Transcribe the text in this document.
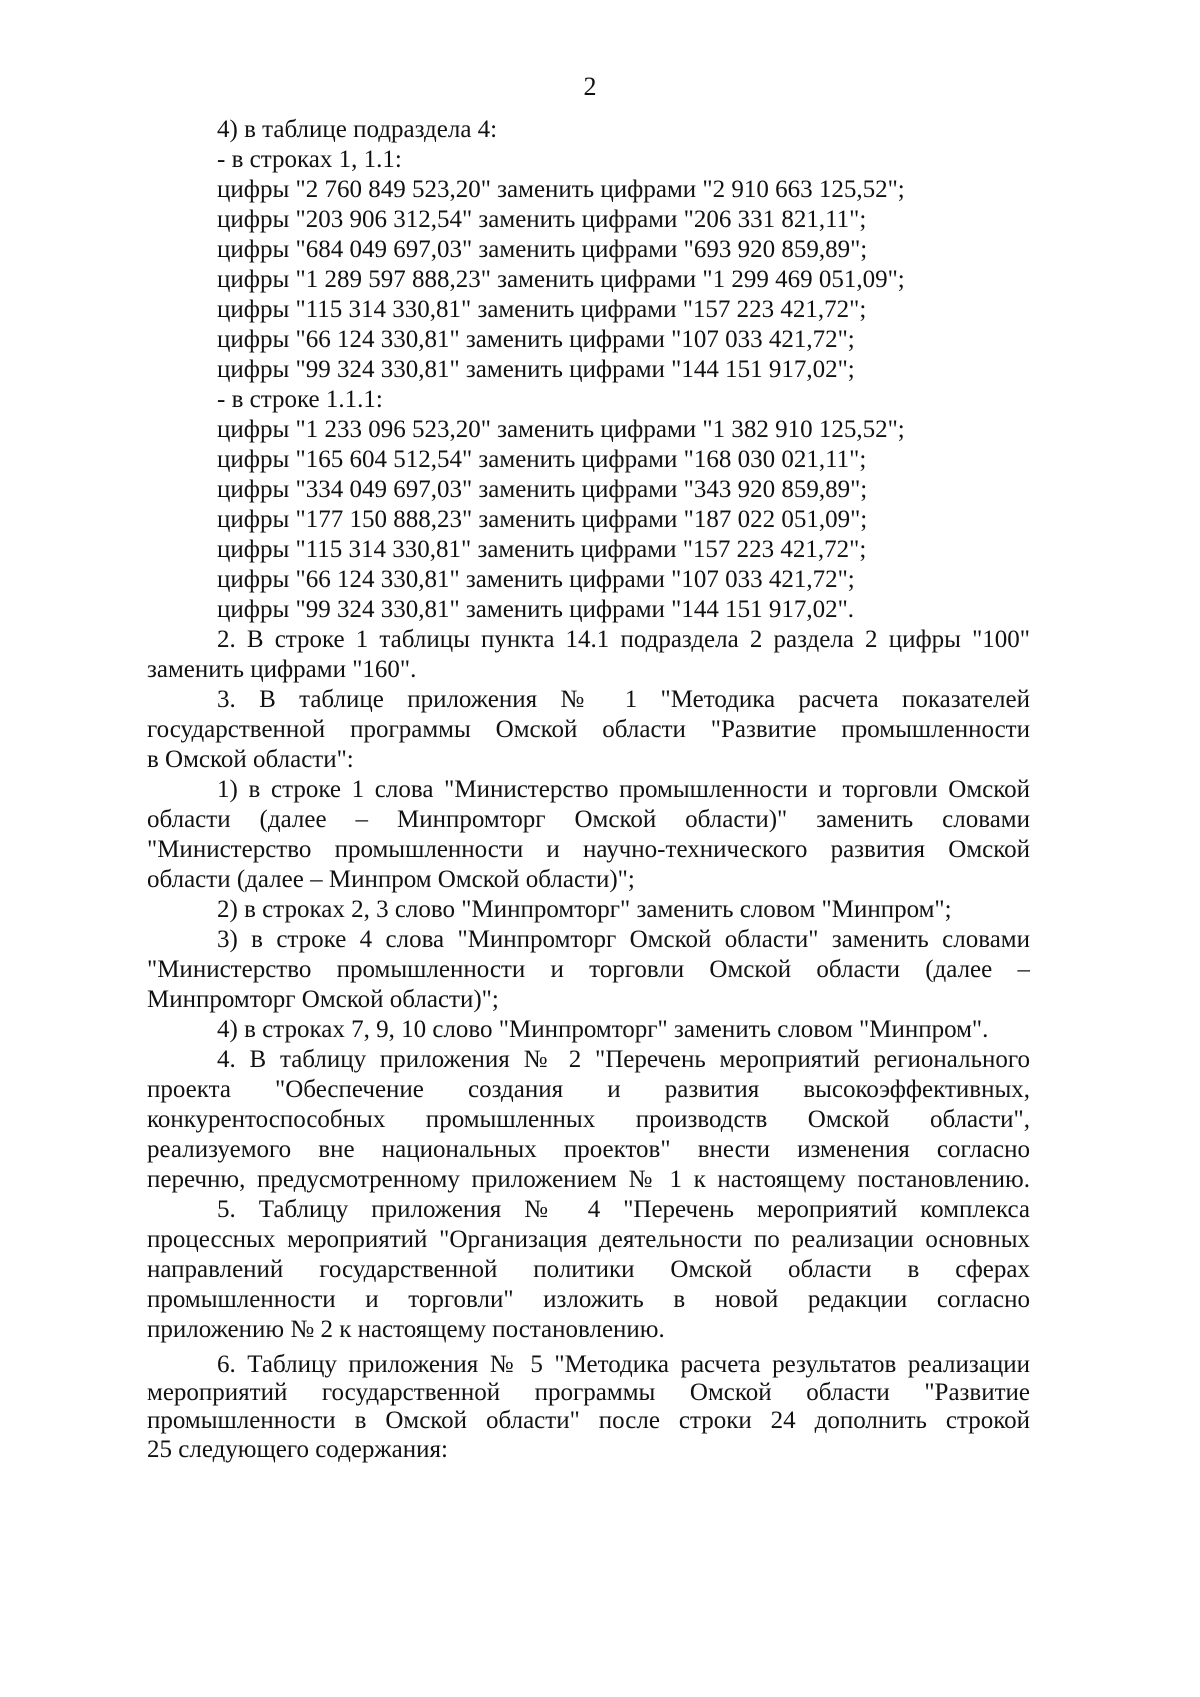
2
4) в таблице подраздела 4:
- в строках 1, 1.1:
цифры "2 760 849 523,20" заменить цифрами "2 910 663 125,52";
цифры "203 906 312,54" заменить цифрами "206 331 821,11";
цифры "684 049 697,03" заменить цифрами "693 920 859,89";
цифры "1 289 597 888,23" заменить цифрами "1 299 469 051,09";
цифры "115 314 330,81" заменить цифрами "157 223 421,72";
цифры "66 124 330,81" заменить цифрами "107 033 421,72";
цифры "99 324 330,81" заменить цифрами "144 151 917,02";
- в строке 1.1.1:
цифры "1 233 096 523,20" заменить цифрами "1 382 910 125,52";
цифры "165 604 512,54" заменить цифрами "168 030 021,11";
цифры "334 049 697,03" заменить цифрами "343 920 859,89";
цифры "177 150 888,23" заменить цифрами "187 022 051,09";
цифры "115 314 330,81" заменить цифрами "157 223 421,72";
цифры "66 124 330,81" заменить цифрами "107 033 421,72";
цифры "99 324 330,81" заменить цифрами "144 151 917,02".
2. В строке 1 таблицы пункта 14.1 подраздела 2 раздела 2 цифры "100"
заменить цифрами "160".
3. В таблице приложения № 1 "Методика расчета показателей
государственной программы Омской области "Развитие промышленности
в Омской области":
1) в строке 1 слова "Министерство промышленности и торговли Омской
области (далее – Минпромторг Омской области)" заменить словами
"Министерство промышленности и научно-технического развития Омской
области (далее – Минпром Омской области)";
2) в строках 2, 3 слово "Минпромторг" заменить словом "Минпром";
3) в строке 4 слова "Минпромторг Омской области" заменить словами
"Министерство промышленности и торговли Омской области (далее –
Минпромторг Омской области)";
4) в строках 7, 9, 10 слово "Минпромторг" заменить словом "Минпром".
4. В таблицу приложения № 2 "Перечень мероприятий регионального
проекта "Обеспечение создания и развития высокоэффективных,
конкурентоспособных промышленных производств Омской области",
реализуемого вне национальных проектов" внести изменения согласно
перечню, предусмотренному приложением № 1 к настоящему постановлению.
5. Таблицу приложения № 4 "Перечень мероприятий комплекса
процессных мероприятий "Организация деятельности по реализации основных
направлений государственной политики Омской области в сферах
промышленности и торговли" изложить в новой редакции согласно
приложению № 2 к настоящему постановлению.
6. Таблицу приложения № 5 "Методика расчета результатов реализации
мероприятий государственной программы Омской области "Развитие
промышленности в Омской области" после строки 24 дополнить строкой
25 следующего содержания:
